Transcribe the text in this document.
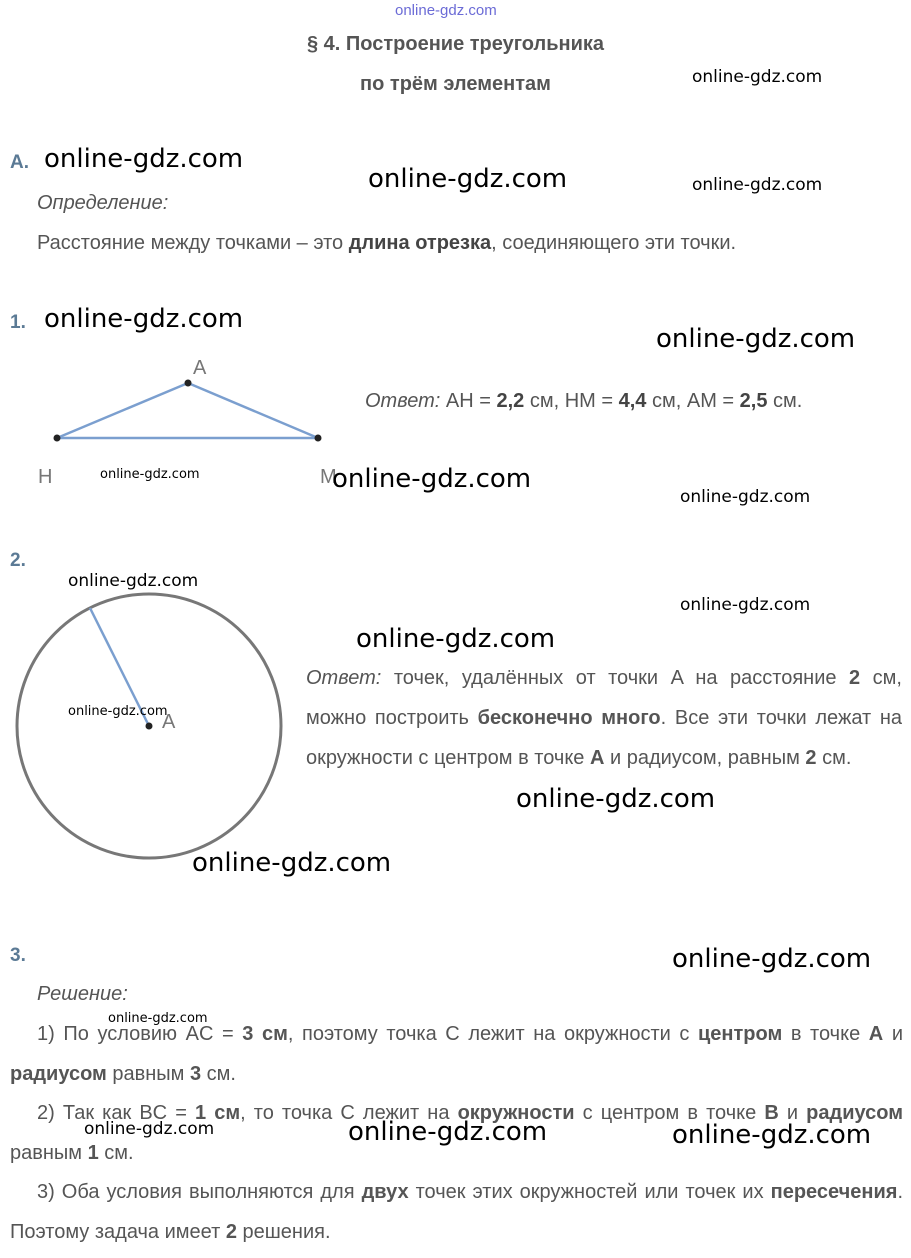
online-gdz.com
§ 4. Построение треугольника
по трём элементам
А.
Определение:
Расстояние между точками – это длина отрезка, соединяющего эти точки.
1.
A
H	M
Ответ: AH = 2,2 см, HM = 4,4 см, AM = 2,5 см.
2.
A
Ответ: точек, удалённых от точки A на расстояние 2 см, можно построить бесконечно много. Все эти точки лежат на окружности с центром в точке A и радиусом, равным 2 см.
3.
Решение:
1) По условию AC = 3 см, поэтому точка C лежит на окружности с центром в точке A и радиусом равным 3 см.
2) Так как BC = 1 см, то точка C лежит на окружности с центром в точке B и радиусом равным 1 см.
3) Оба условия выполняются для двух точек этих окружностей или точек их пересечения. Поэтому задача имеет 2 решения.
online-gdz.com
online-gdz.com
online-gdz.com	online-gdz.com
online-gdz.com
online-gdz.com
online-gdz.com	online-gdz.com
online-gdz.com
online-gdz.com
online-gdz.com
online-gdz.com
online-gdz.com
online-gdz.com
online-gdz.com
online-gdz.com
online-gdz.com
online-gdz.com	online-gdz.com	online-gdz.com
